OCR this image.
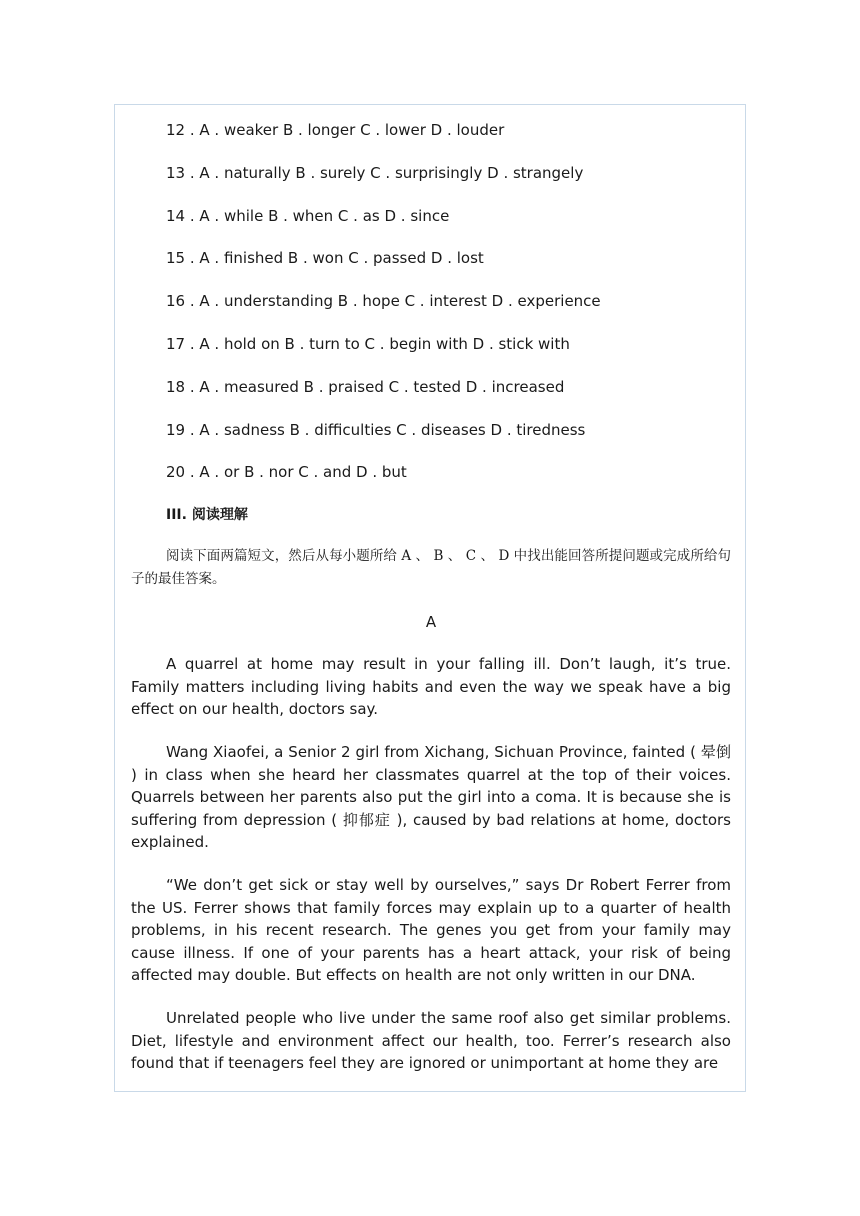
12 . A . weaker B . longer C . lower D . louder
13 . A . naturally B . surely C . surprisingly D . strangely
14 . A . while B . when C . as D . since
15 . A . finished B . won C . passed D . lost
16 . A . understanding B . hope C . interest D . experience
17 . A . hold on B . turn to C . begin with D . stick with
18 . A . measured B . praised C . tested D . increased
19 . A . sadness B . difficulties C . diseases D . tiredness
20 . A . or B . nor C . and D . but
III. 阅读理解

阅读下面两篇短文，然后从每小题所给 A 、 B 、 C 、 D 中找出能回答所提问题或完成所给句子的最佳答案。

A

A quarrel at home may result in your falling ill. Don’t laugh, it’s true. Family matters including living habits and even the way we speak have a big effect on our health, doctors say.

Wang Xiaofei, a Senior 2 girl from Xichang, Sichuan Province, fainted ( 晕倒 ) in class when she heard her classmates quarrel at the top of their voices. Quarrels between her parents also put the girl into a coma. It is because she is suffering from depression ( 抑郁症 ), caused by bad relations at home, doctors explained.

“We don’t get sick or stay well by ourselves,” says Dr Robert Ferrer from the US. Ferrer shows that family forces may explain up to a quarter of health problems, in his recent research. The genes you get from your family may cause illness. If one of your parents has a heart attack, your risk of being affected may double. But effects on health are not only written in our DNA.

Unrelated people who live under the same roof also get similar problems. Diet, lifestyle and environment affect our health, too. Ferrer’s research also found that if teenagers feel they are ignored or unimportant at home they are
